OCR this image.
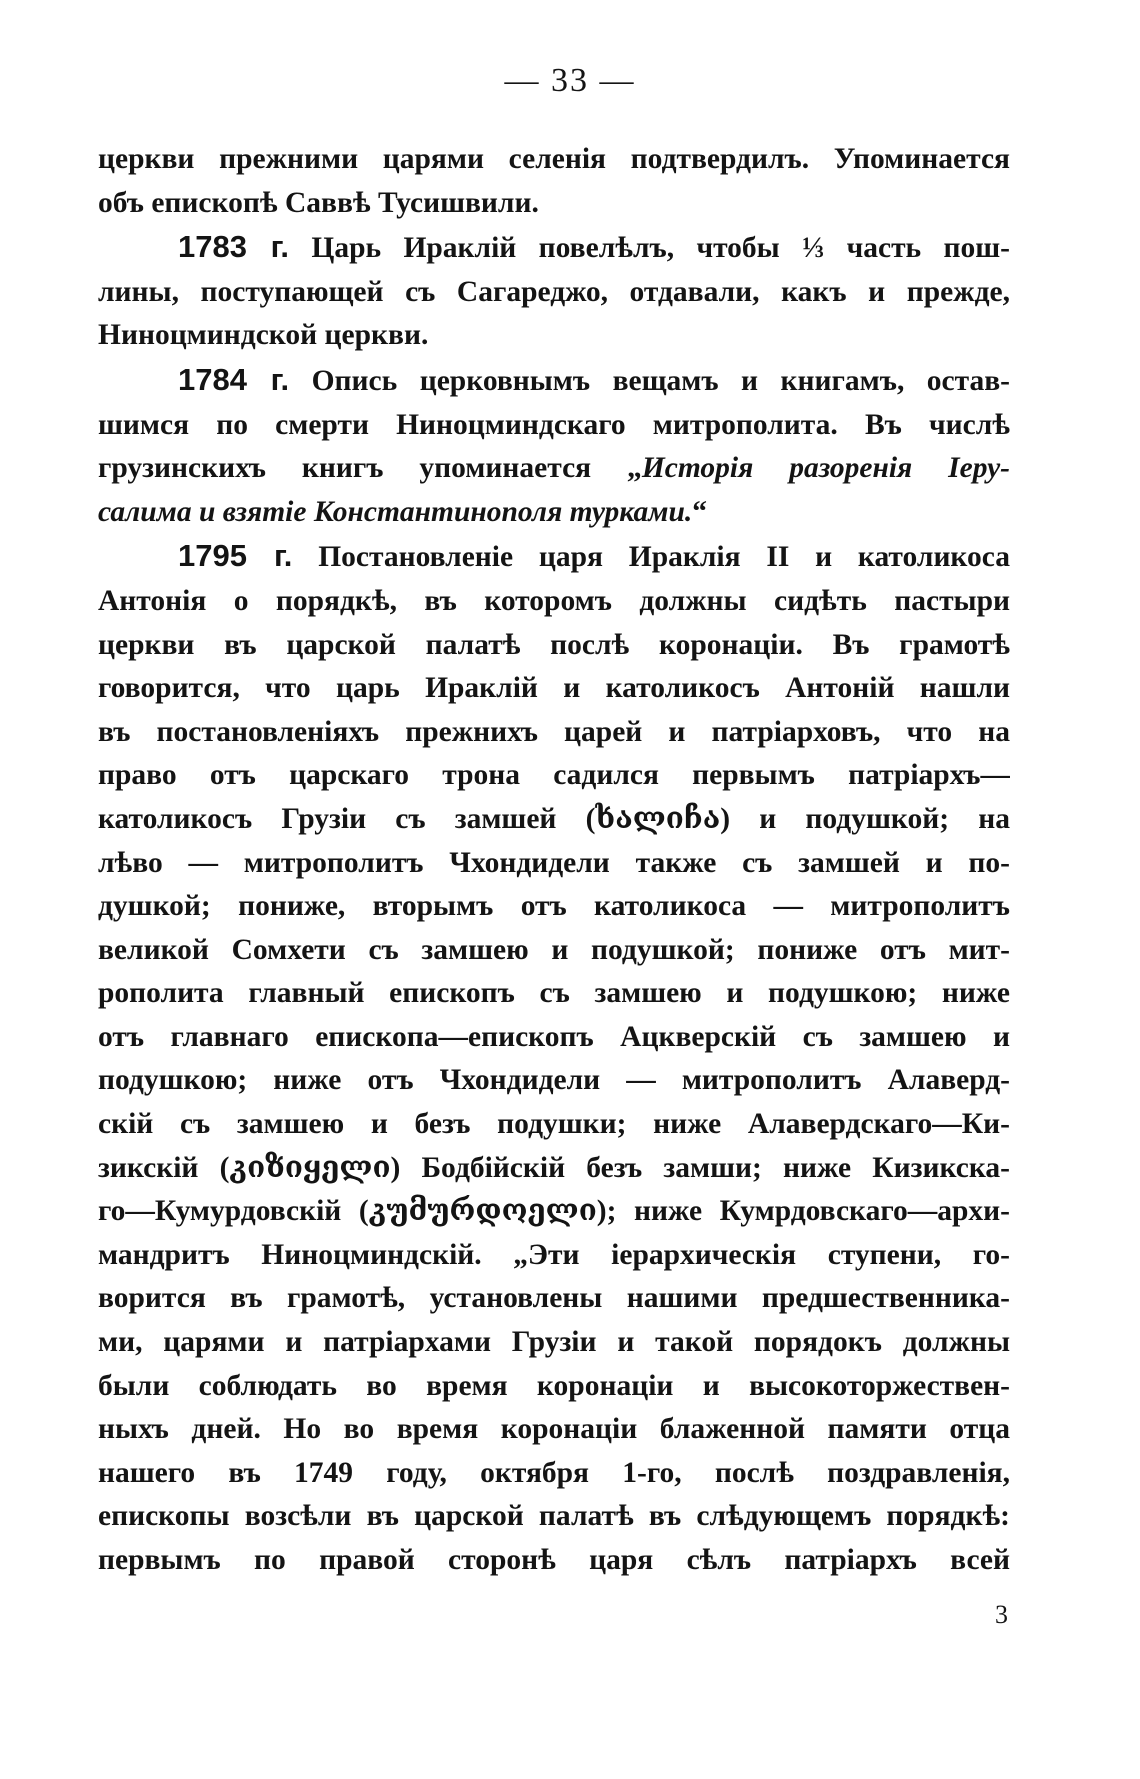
— 33 —
церкви прежними царями селенія подтвердилъ. Упоминается
объ епископѣ Саввѣ Тусишвили.
1783 г. Царь Ираклій повелѣлъ, чтобы ⅓ часть пош-
лины, поступающей съ Сагареджо, отдавали, какъ и прежде,
Ниноцминдской церкви.
1784 г. Опись церковнымъ вещамъ и книгамъ, остав-
шимся по смерти Ниноцминдскаго митрополита. Въ числѣ
грузинскихъ книгъ упоминается „Исторія разоренія Іеру-
салима и взятіе Константинополя турками.“
1795 г. Постановленіе царя Ираклія II и католикоса
Антонія о порядкѣ, въ которомъ должны сидѣть пастыри
церкви въ царской палатѣ послѣ коронаціи. Въ грамотѣ
говорится, что царь Ираклій и католикосъ Антоній нашли
въ постановленіяхъ прежнихъ царей и патріарховъ, что на
право отъ царскаго трона садился первымъ патріархъ—
католикосъ Грузіи съ замшей (ხალიჩა) и подушкой; на
лѣво — митрополитъ Чхондидели также съ замшей и по-
душкой; пониже, вторымъ отъ католикоса — митрополитъ
великой Сомхети съ замшею и подушкой; пониже отъ мит-
рополита главный епископъ съ замшею и подушкою; ниже
отъ главнаго епископа—епископъ Ацкверскій съ замшею и
подушкою; ниже отъ Чхондидели — митрополитъ Алаверд-
скій съ замшею и безъ подушки; ниже Алавердскаго—Ки-
зикскій (კიზიყელი) Бодбійскій безъ замши; ниже Кизикска-
го—Кумурдовскій (კუმურდოელი); ниже Кумрдовскаго—архи-
мандритъ Ниноцминдскій. „Эти іерархическія ступени, го-
ворится въ грамотѣ, установлены нашими предшественника-
ми, царями и патріархами Грузіи и такой порядокъ должны
были соблюдать во время коронаціи и высокоторжествен-
ныхъ дней. Но во время коронаціи блаженной памяти отца
нашего въ 1749 году, октября 1-го, послѣ поздравленія,
епископы возсѣли въ царской палатѣ въ слѣдующемъ порядкѣ:
первымъ по правой сторонѣ царя сѣлъ патріархъ всей
3
